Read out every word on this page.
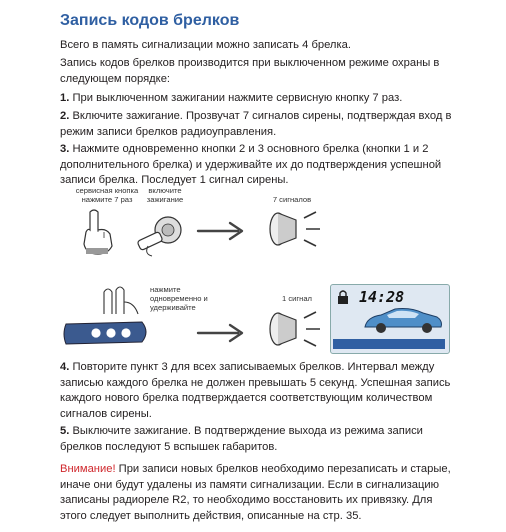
Запись кодов брелков

Всего в память сигнализации можно записать 4 брелка.

Запись кодов брелков производится при выключенном режиме охраны в следующем порядке:

1. При выключенном зажигании нажмите сервисную кнопку 7 раз.

2. Включите зажигание. Прозвучат 7 сигналов сирены, подтверждая вход в режим записи брелков радиоуправления.

3. Нажмите одновременно кнопки 2 и 3 основного брелка (кнопки 1 и 2 дополнительного брелка) и удерживайте их до подтверждения успешной записи брелка. Последует 1 сигнал сирены.

сервисная кнопка нажмите 7 раз
включите зажигание	7 сигналов
нажмите одновременно и удерживайте
1 сигнал	14:28

4. Повторите пункт 3 для всех записываемых брелков. Интервал между записью каждого брелка не должен превышать 5 секунд. Успешная запись каждого нового брелка подтверждается соответствующим количеством сигналов сирены.

5. Выключите зажигание. В подтверждение выхода из режима записи брелков последуют 5 вспышек габаритов.

Внимание! При записи новых брелков необходимо перезаписать и старые, иначе они будут удалены из памяти сигнализации. Если в сигнализацию записаны радиореле R2, то необходимо восстановить их привязку. Для этого следует выполнить действия, описанные на стр. 35.
